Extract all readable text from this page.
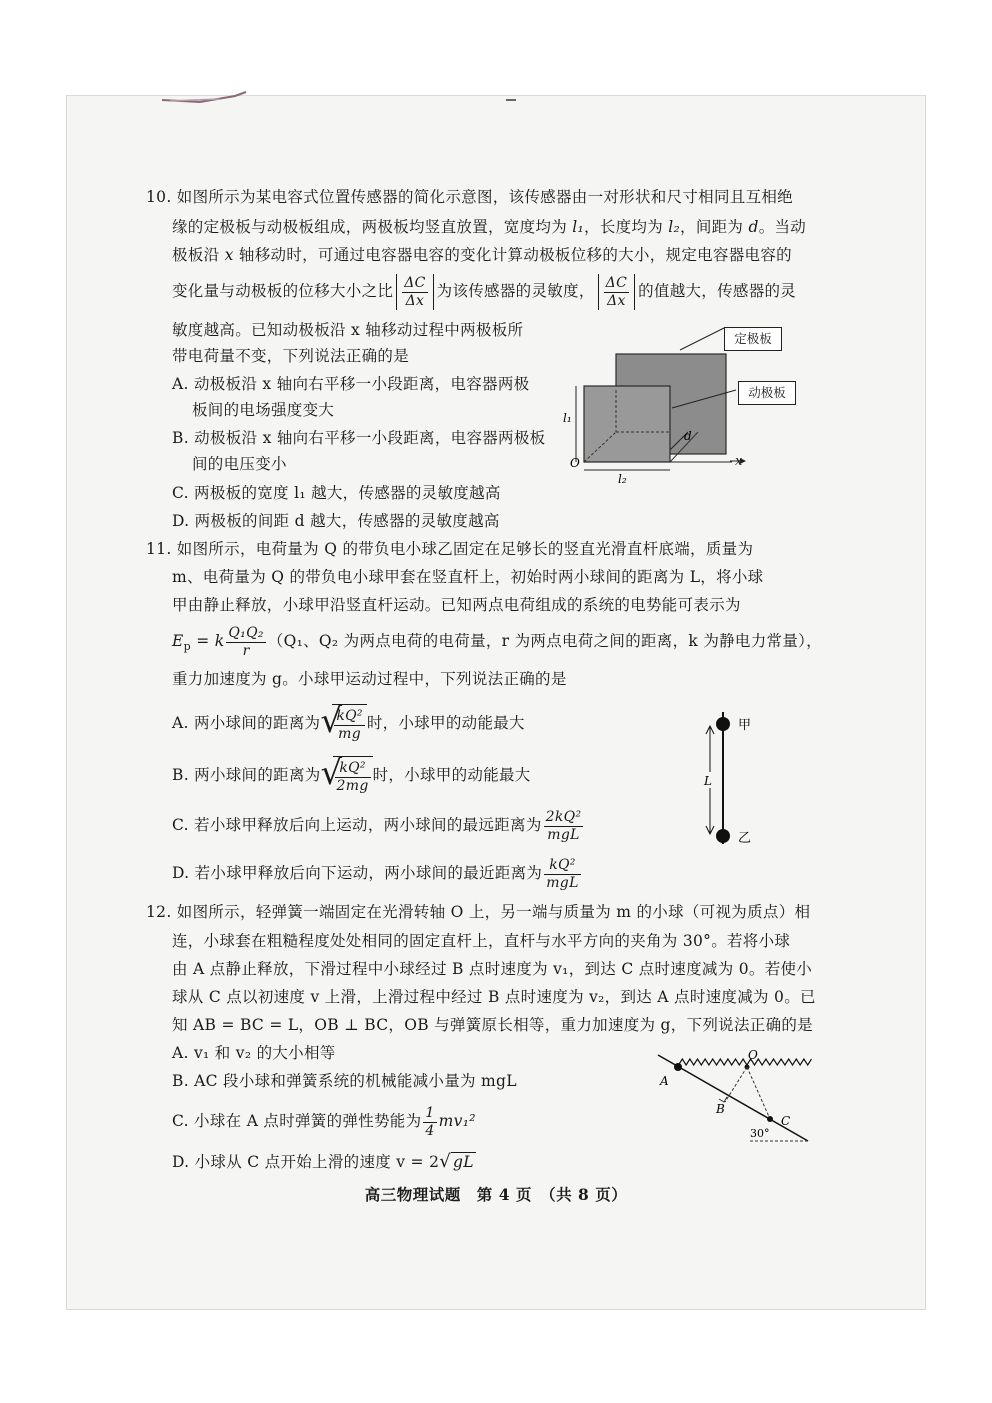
10. 如图所示为某电容式位置传感器的简化示意图，该传感器由一对形状和尺寸相同且互相绝
缘的定极板与动极板组成，两极板均竖直放置，宽度均为 l₁，长度均为 l₂，间距为 d。当动
极板沿 x 轴移动时，可通过电容器电容的变化计算动极板位移的大小，规定电容器电容的
变化量与动极板的位移大小之比 $\frac{\Delta C}{\Delta x}$ 为该传感器的灵敏度， $\frac{\Delta C}{\Delta x}$ 的值越大，传感器的灵
敏度越高。已知动极板沿 x 轴移动过程中两极板所
带电荷量不变，下列说法正确的是
A. 动极板沿 x 轴向右平移一小段距离，电容器两极
板间的电场强度变大
B. 动极板沿 x 轴向右平移一小段距离，电容器两极板
间的电压变小
C. 两极板的宽度 l₁ 越大，传感器的灵敏度越高
D. 两极板的间距 d 越大，传感器的灵敏度越高
l₁
O
l₂
d
x
定极板
动极板
11. 如图所示，电荷量为 Q 的带负电小球乙固定在足够长的竖直光滑直杆底端，质量为
m、电荷量为 Q 的带负电小球甲套在竖直杆上，初始时两小球间的距离为 L，将小球
甲由静止释放，小球甲沿竖直杆运动。已知两点电荷组成的系统的电势能可表示为
$E_p = k \frac{\text{Q₁Q₂}}{r} (Q_1$、Q₂ 为两点电荷的电荷量，r 为两点电荷之间的距离，k 为静电力常量），
重力加速度为 g。小球甲运动过程中，下列说法正确的是
A. 两小球间的距离为 √
$\frac{\text{kQ²}}{mg}$ 时，小球甲的动能最大
B. 两小球间的距离为 √
$\frac{\text{kQ²}}{2mg}$ 时，小球甲的动能最大
C. 若小球甲释放后向上运动，两小球间的最远距离为 $\frac{\text{2kQ²}}{\text{mgL}}$
D. 若小球甲释放后向下运动，两小球间的最近距离为 $\frac{\text{kQ²}}{\text{mgL}}$
L
甲
乙
12. 如图所示，轻弹簧一端固定在光滑转轴 O 上，另一端与质量为 m 的小球（可视为质点）相
连，小球套在粗糙程度处处相同的固定直杆上，直杆与水平方向的夹角为 30°。若将小球
由 A 点静止释放，下滑过程中小球经过 B 点时速度为 v₁，到达 C 点时速度减为 0。若使小
球从 C 点以初速度 v 上滑，上滑过程中经过 B 点时速度为 v₂，到达 A 点时速度减为 0。已
知 AB = BC = L，OB ⊥ BC，OB 与弹簧原长相等，重力加速度为 g，下列说法正确的是
A. v₁ 和 v₂ 的大小相等
B. AC 段小球和弹簧系统的机械能减小量为 mgL
C. 小球在 A 点时弹簧的弹性势能为 $\frac{1}{4} mv_1^2$
D. 小球从 C 点开始上滑的速度 v = 2√ gL
O
A
B
C
30°
高三物理试题　第 4 页　（共 8 页）
